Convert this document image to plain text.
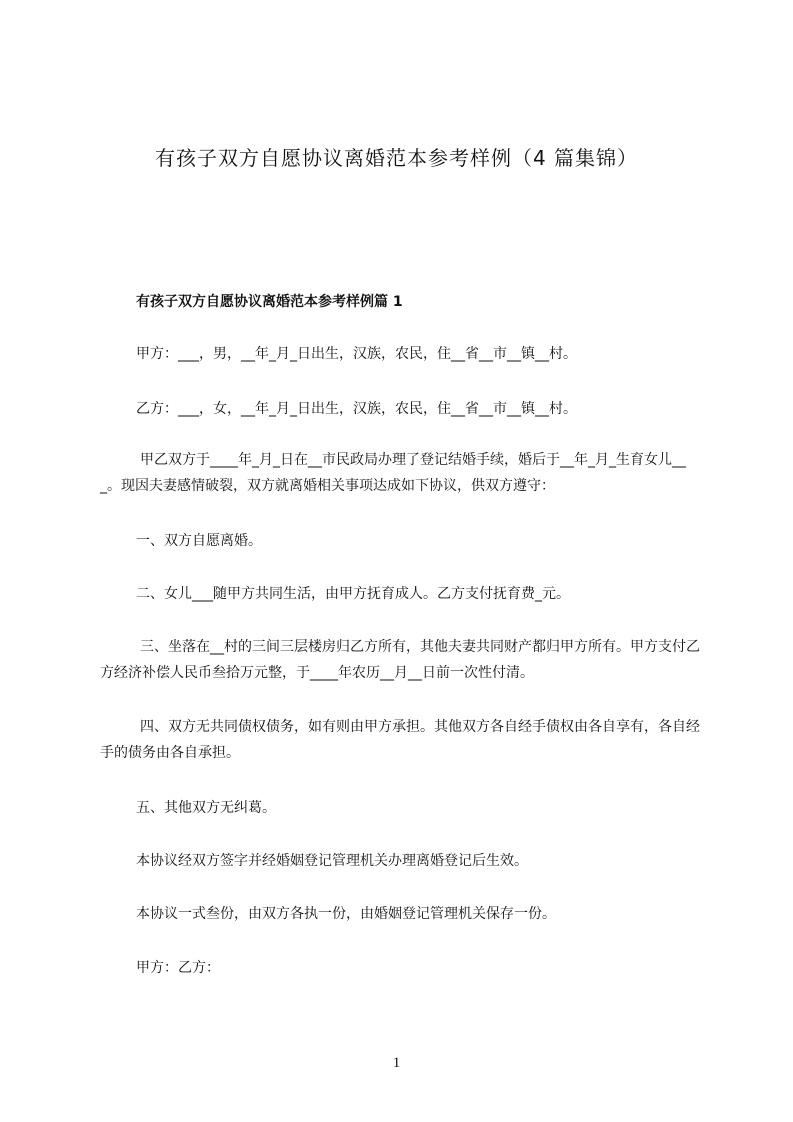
有孩子双方自愿协议离婚范本参考样例（4 篇集锦）
有孩子双方自愿协议离婚范本参考样例篇 1

甲方：___，男，__年_月_日出生，汉族，农民，住__省__市__镇__村。

乙方：___，女，__年_月_日出生，汉族，农民，住__省__市__镇__村。

甲乙双方于____年_月_日在__市民政局办理了登记结婚手续，婚后于__年_月_生育女儿___。现因夫妻感情破裂，双方就离婚相关事项达成如下协议，供双方遵守：

一、双方自愿离婚。

二、女儿___随甲方共同生活，由甲方抚育成人。乙方支付抚育费_元。

三、坐落在__村的三间三层楼房归乙方所有，其他夫妻共同财产都归甲方所有。甲方支付乙方经济补偿人民币叁拾万元整，于____年农历__月__日前一次性付清。

四、双方无共同债权债务，如有则由甲方承担。其他双方各自经手债权由各自享有，各自经手的债务由各自承担。

五、其他双方无纠葛。

本协议经双方签字并经婚姻登记管理机关办理离婚登记后生效。

本协议一式叁份，由双方各执一份，由婚姻登记管理机关保存一份。

甲方：乙方：

1
